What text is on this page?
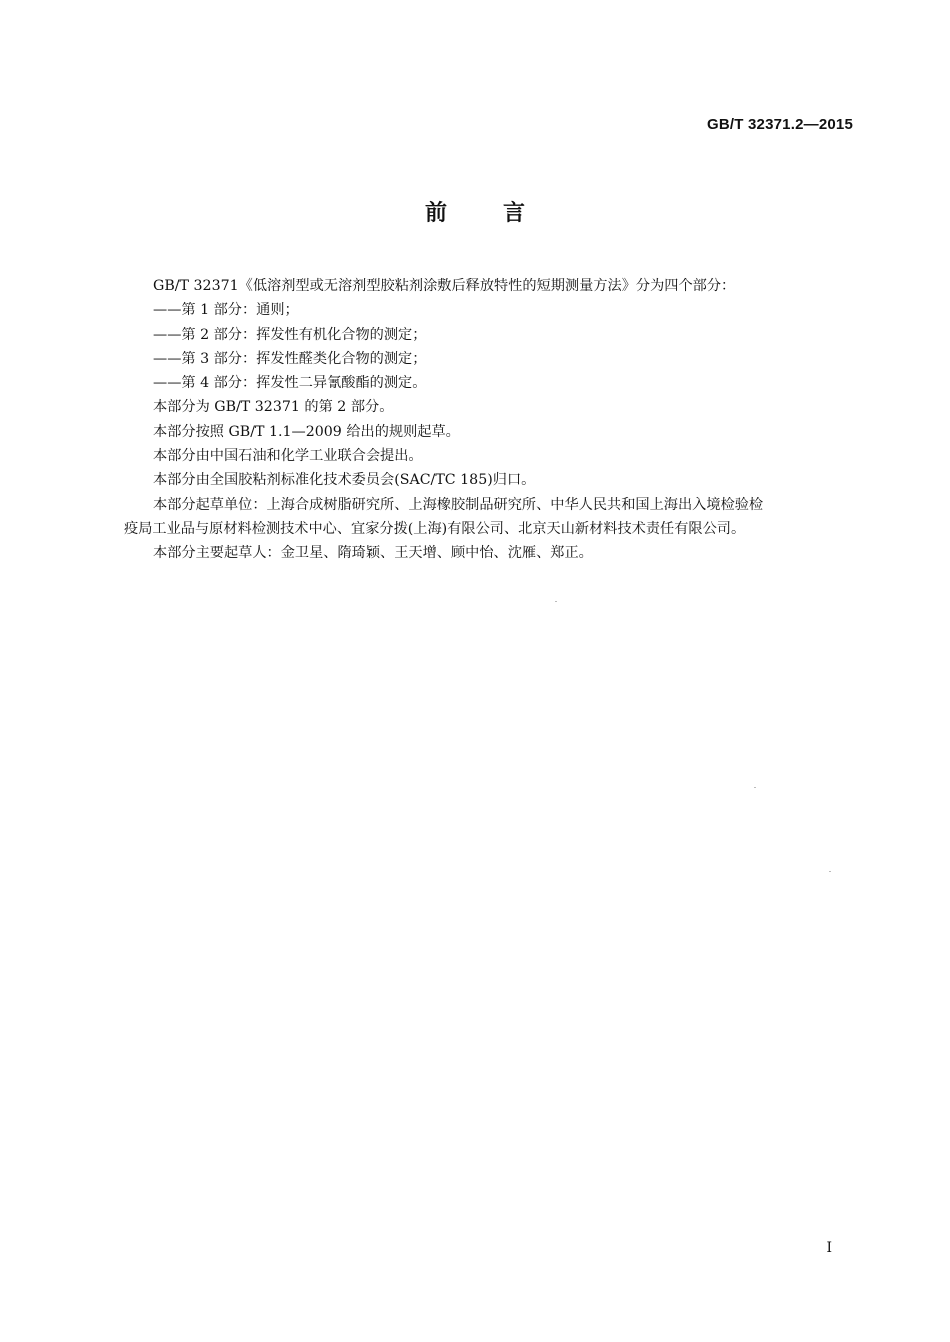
GB/T 32371.2—2015
前言

GB/T 32371《低溶剂型或无溶剂型胶粘剂涂敷后释放特性的短期测量方法》分为四个部分：

——第 1 部分：通则；

——第 2 部分：挥发性有机化合物的测定；

——第 3 部分：挥发性醛类化合物的测定；

——第 4 部分：挥发性二异氰酸酯的测定。

本部分为 GB/T 32371 的第 2 部分。

本部分按照 GB/T 1.1—2009 给出的规则起草。

本部分由中国石油和化学工业联合会提出。

本部分由全国胶粘剂标准化技术委员会(SAC/TC 185)归口。

本部分起草单位：上海合成树脂研究所、上海橡胶制品研究所、中华人民共和国上海出入境检验检
疫局工业品与原材料检测技术中心、宜家分拨(上海)有限公司、北京天山新材料技术责任有限公司。

本部分主要起草人：金卫星、隋琦颖、王天增、顾中怡、沈雁、郑正。

I
